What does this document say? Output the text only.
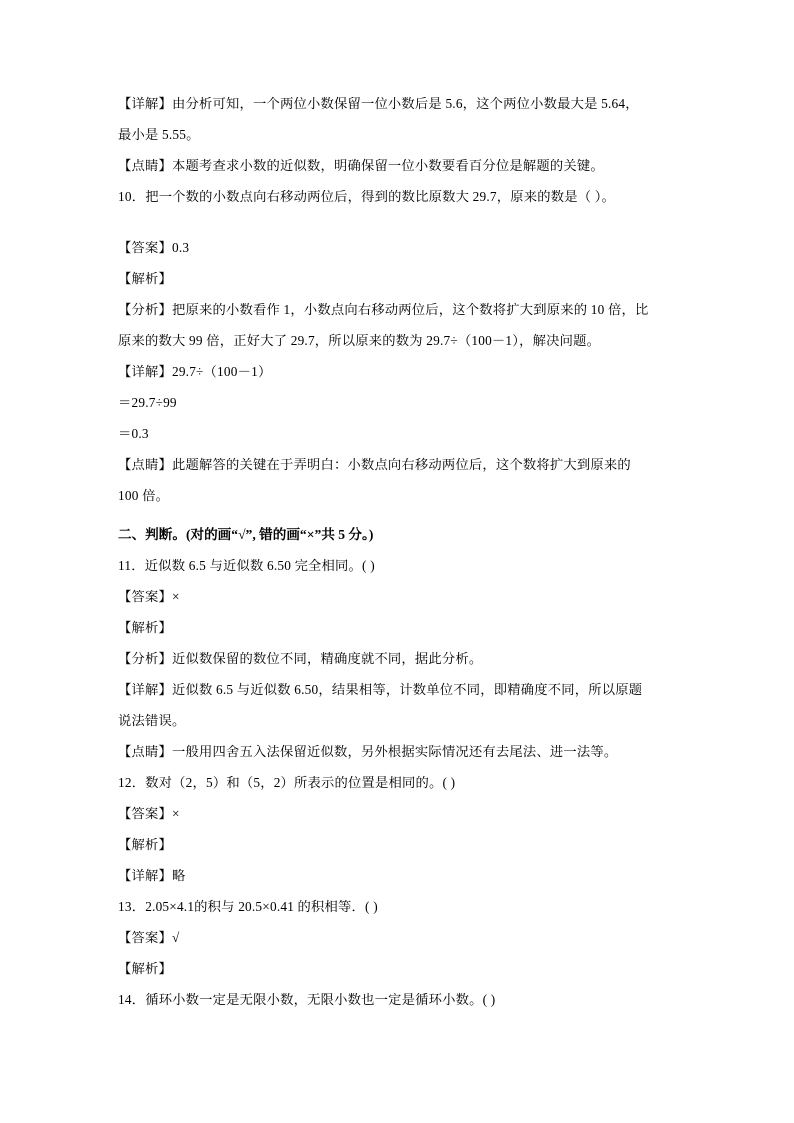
【详解】由分析可知，一个两位小数保留一位小数后是 5.6，这个两位小数最大是 5.64，
最小是 5.55。
【点睛】本题考查求小数的近似数，明确保留一位小数要看百分位是解题的关键。
10．把一个数的小数点向右移动两位后，得到的数比原数大 29.7，原来的数是（ ）。
【答案】0.3
【解析】
【分析】把原来的小数看作 1，小数点向右移动两位后，这个数将扩大到原来的 10 倍，比
原来的数大 99 倍，正好大了 29.7，所以原来的数为 29.7÷（100－1），解决问题。
【详解】29.7÷（100－1）
＝29.7÷99
＝0.3
【点睛】此题解答的关键在于弄明白：小数点向右移动两位后，这个数将扩大到原来的
100 倍。
二、判断。(对的画“√”, 错的画“×”共 5 分。)
11．近似数 6.5 与近似数 6.50 完全相同。( )
【答案】×
【解析】
【分析】近似数保留的数位不同，精确度就不同，据此分析。
【详解】近似数 6.5 与近似数 6.50，结果相等，计数单位不同，即精确度不同，所以原题
说法错误。
【点睛】一般用四舍五入法保留近似数，另外根据实际情况还有去尾法、进一法等。
12．数对（2，5）和（5，2）所表示的位置是相同的。( )
【答案】×
【解析】
【详解】略
13．2.05×4.1的积与 20.5×0.41 的积相等．( )
【答案】√
【解析】
14．循环小数一定是无限小数，无限小数也一定是循环小数。( )
